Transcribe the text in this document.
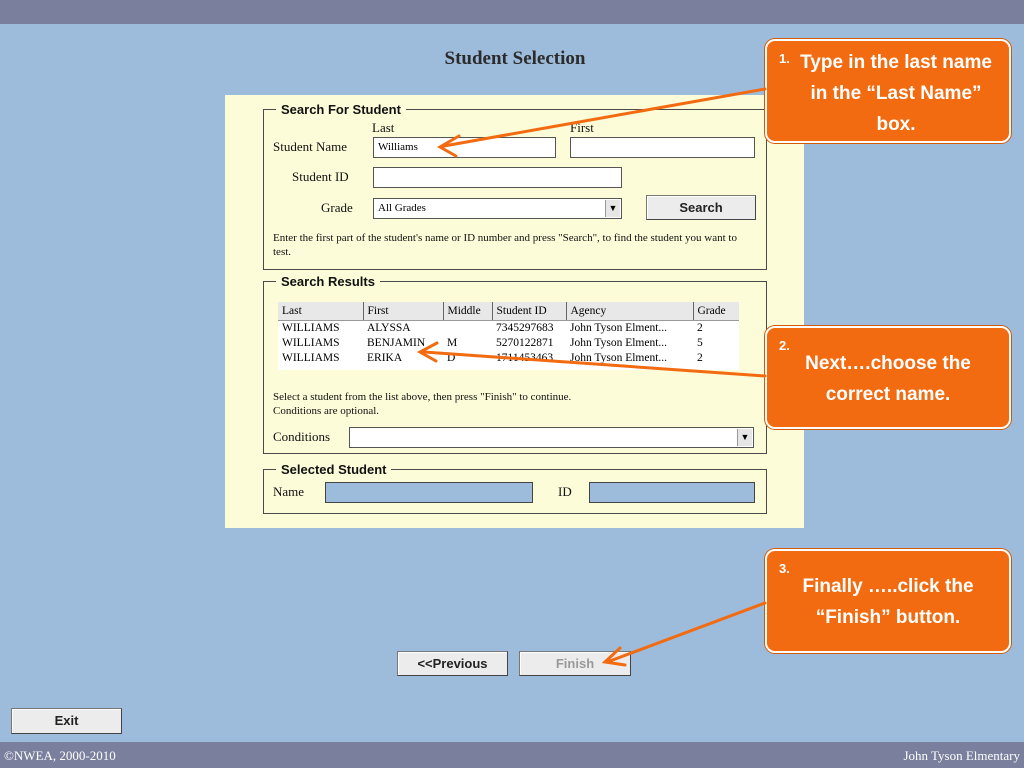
Student Selection
Search For Student
Last	First
Student Name	Williams
Student ID
Grade	All Grades	▼	Search
Enter the first part of the student's name or ID number and press "Search", to find the student you want to test.
Search Results
Last	First	Middle	Student ID	Agency	Grade
WILLIAMS	ALYSSA		7345297683	John Tyson Elment...	2
WILLIAMS	BENJAMIN	M	5270122871	John Tyson Elment...	5
WILLIAMS	ERIKA	D	1711453463	John Tyson Elment...	2
Select a student from the list above, then press "Finish" to continue.
Conditions are optional.
Conditions	▼
Selected Student
Name	ID
<<Previous	Finish
Exit
1. Type in the last name in the “Last Name” box.
2.
Next….choose the correct name.
3.
Finally …..click the “Finish” button.
©NWEA, 2000-2010	John Tyson Elmentary
